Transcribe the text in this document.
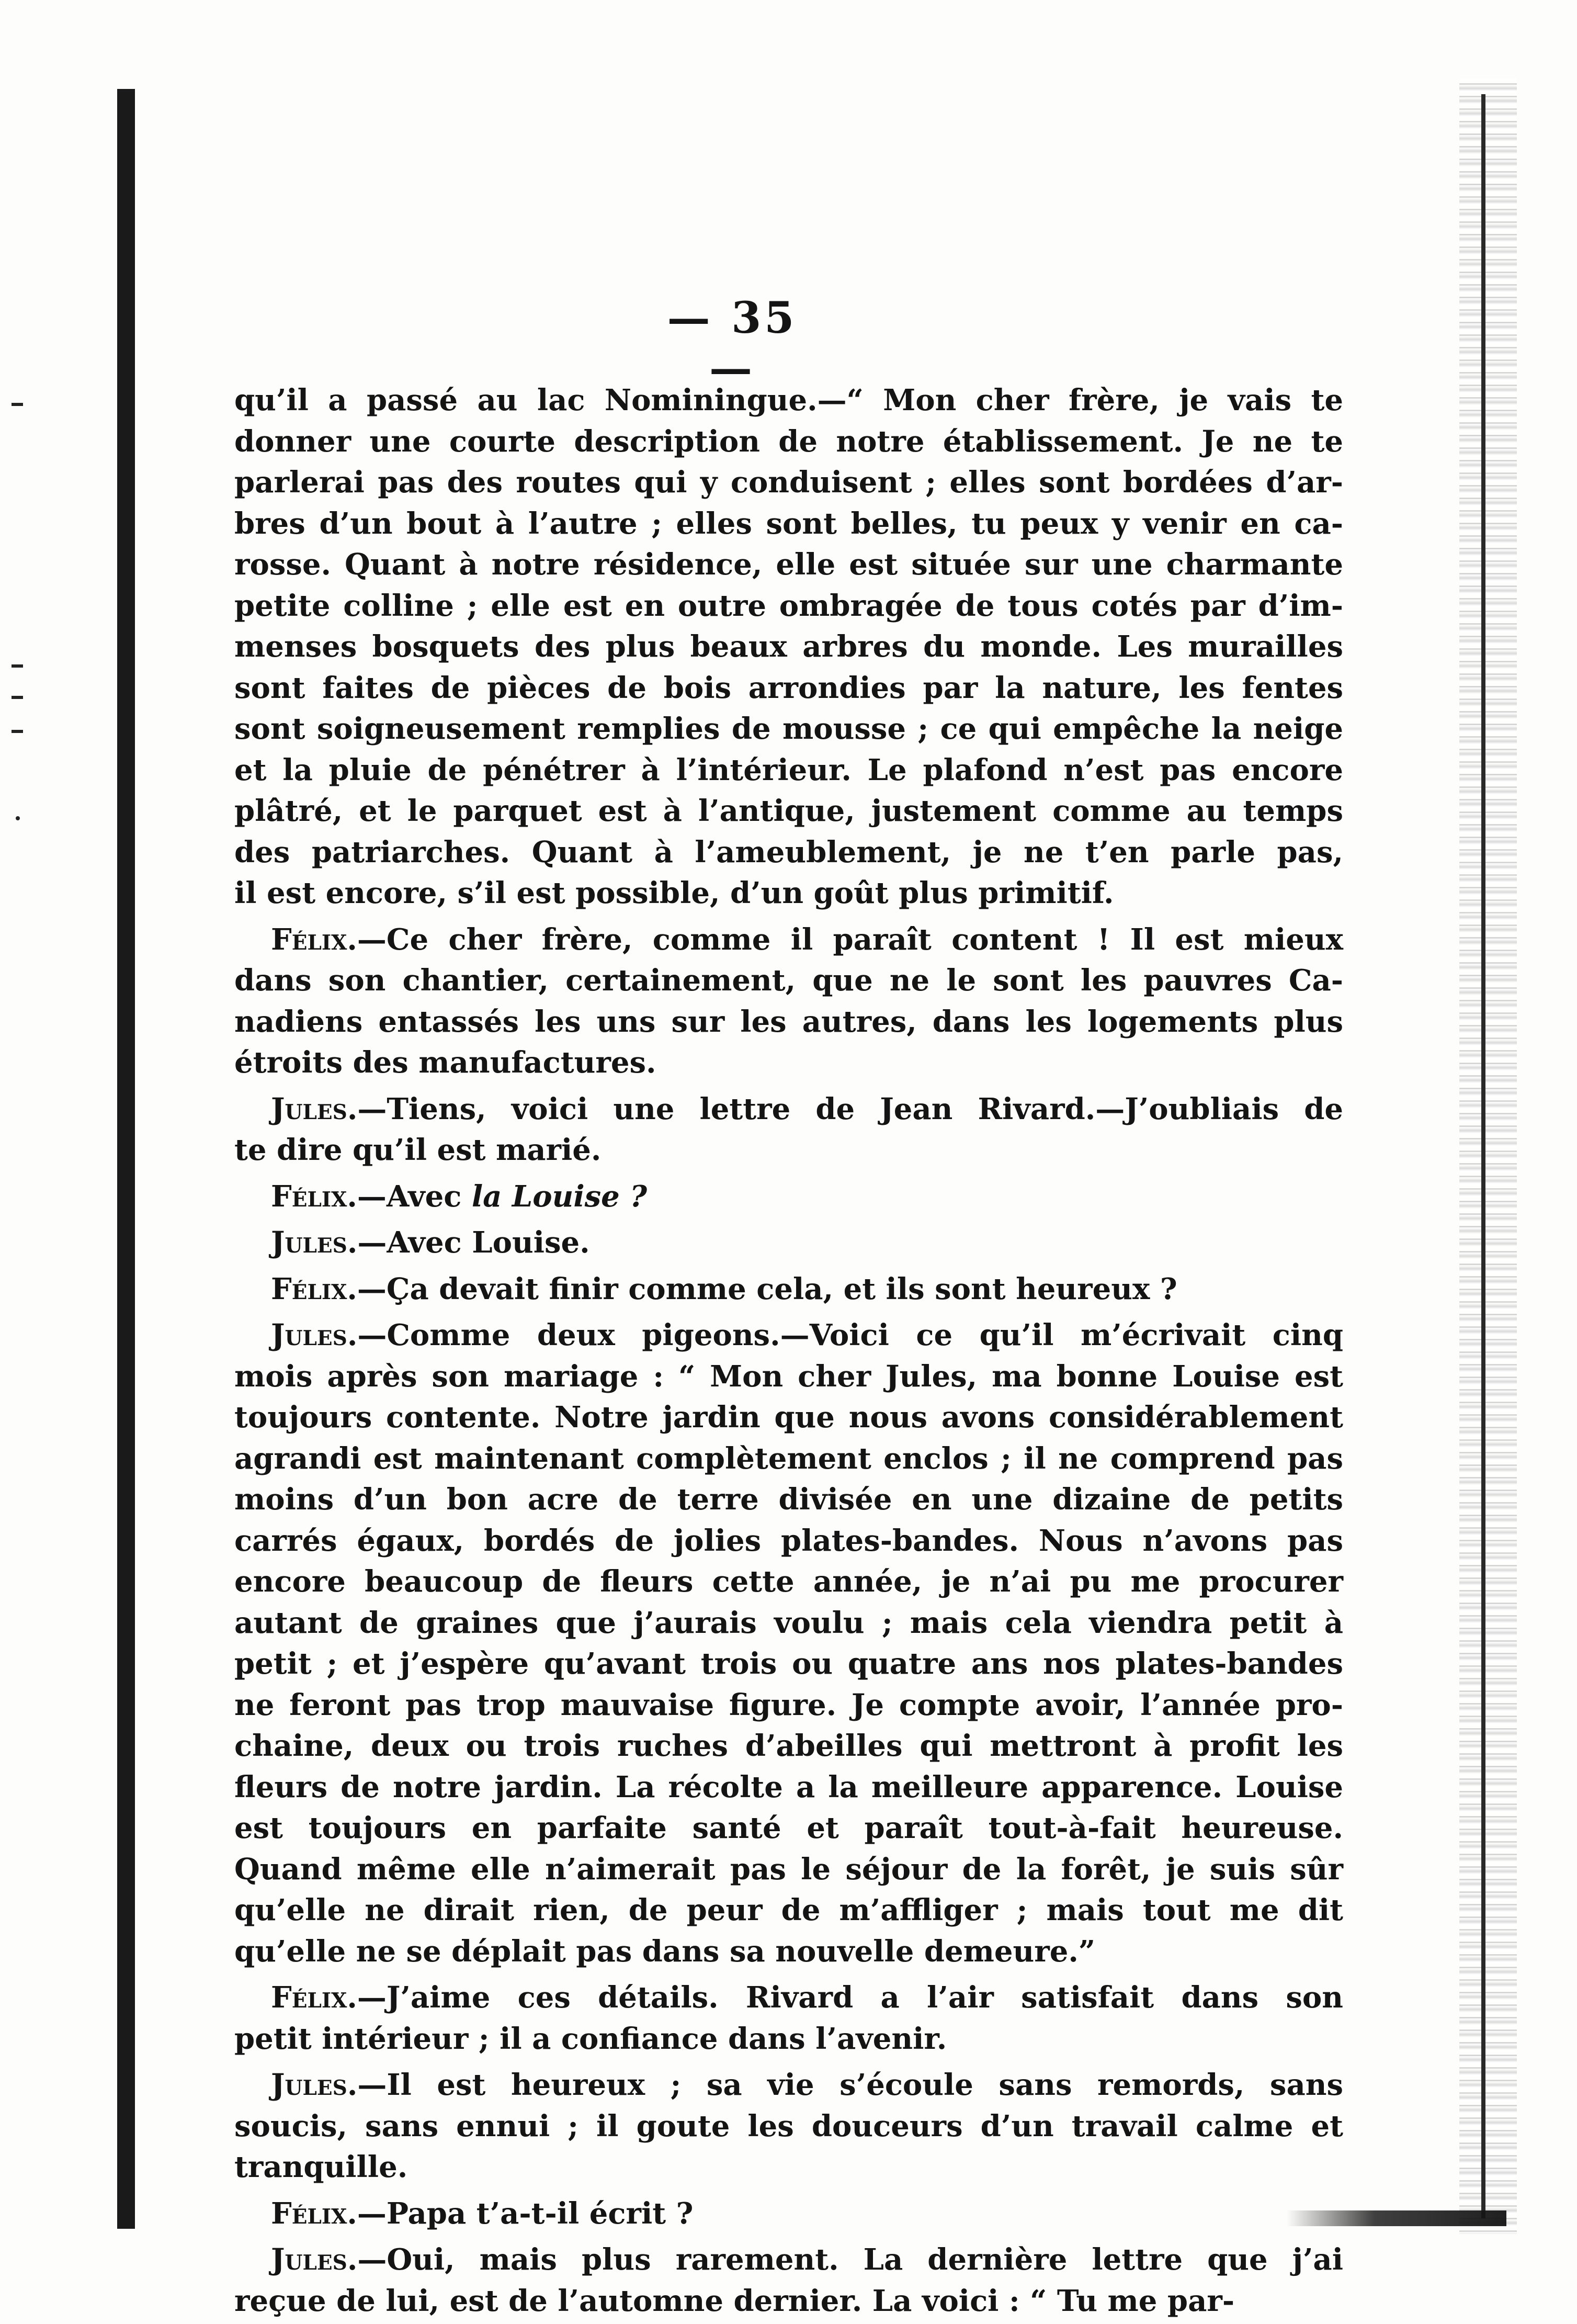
— 35 —
qu’il a passé au lac Nominingue.—“ Mon cher frère, je vais te
donner une courte description de notre établissement. Je ne te
parlerai pas des routes qui y conduisent ; elles sont bordées d’ar-
bres d’un bout à l’autre ; elles sont belles, tu peux y venir en ca-
rosse. Quant à notre résidence, elle est située sur une charmante
petite colline ; elle est en outre ombragée de tous cotés par d’im-
menses bosquets des plus beaux arbres du monde. Les murailles
sont faites de pièces de bois arrondies par la nature, les fentes
sont soigneusement remplies de mousse ; ce qui empêche la neige
et la pluie de pénétrer à l’intérieur. Le plafond n’est pas encore
plâtré, et le parquet est à l’antique, justement comme au temps
des patriarches. Quant à l’ameublement, je ne t’en parle pas,
il est encore, s’il est possible, d’un goût plus primitif.
Félix.—Ce cher frère, comme il paraît content ! Il est mieux
dans son chantier, certainement, que ne le sont les pauvres Ca-
nadiens entassés les uns sur les autres, dans les logements plus
étroits des manufactures.
Jules.—Tiens, voici une lettre de Jean Rivard.—J’oubliais de
te dire qu’il est marié.
Félix.—Avec la Louise ?
Jules.—Avec Louise.
Félix.—Ça devait finir comme cela, et ils sont heureux ?
Jules.—Comme deux pigeons.—Voici ce qu’il m’écrivait cinq
mois après son mariage : “ Mon cher Jules, ma bonne Louise est
toujours contente. Notre jardin que nous avons considérablement
agrandi est maintenant complètement enclos ; il ne comprend pas
moins d’un bon acre de terre divisée en une dizaine de petits
carrés égaux, bordés de jolies plates-bandes. Nous n’avons pas
encore beaucoup de fleurs cette année, je n’ai pu me procurer
autant de graines que j’aurais voulu ; mais cela viendra petit à
petit ; et j’espère qu’avant trois ou quatre ans nos plates-bandes
ne feront pas trop mauvaise figure. Je compte avoir, l’année pro-
chaine, deux ou trois ruches d’abeilles qui mettront à profit les
fleurs de notre jardin. La récolte a la meilleure apparence. Louise
est toujours en parfaite santé et paraît tout-à-fait heureuse.
Quand même elle n’aimerait pas le séjour de la forêt, je suis sûr
qu’elle ne dirait rien, de peur de m’affliger ; mais tout me dit
qu’elle ne se déplait pas dans sa nouvelle demeure.”
Félix.—J’aime ces détails. Rivard a l’air satisfait dans son
petit intérieur ; il a confiance dans l’avenir.
Jules.—Il est heureux ; sa vie s’écoule sans remords, sans
soucis, sans ennui ; il goute les douceurs d’un travail calme et
tranquille.
Félix.—Papa t’a-t-il écrit ?
Jules.—Oui, mais plus rarement. La dernière lettre que j’ai
reçue de lui, est de l’automne dernier. La voici : “ Tu me par-
